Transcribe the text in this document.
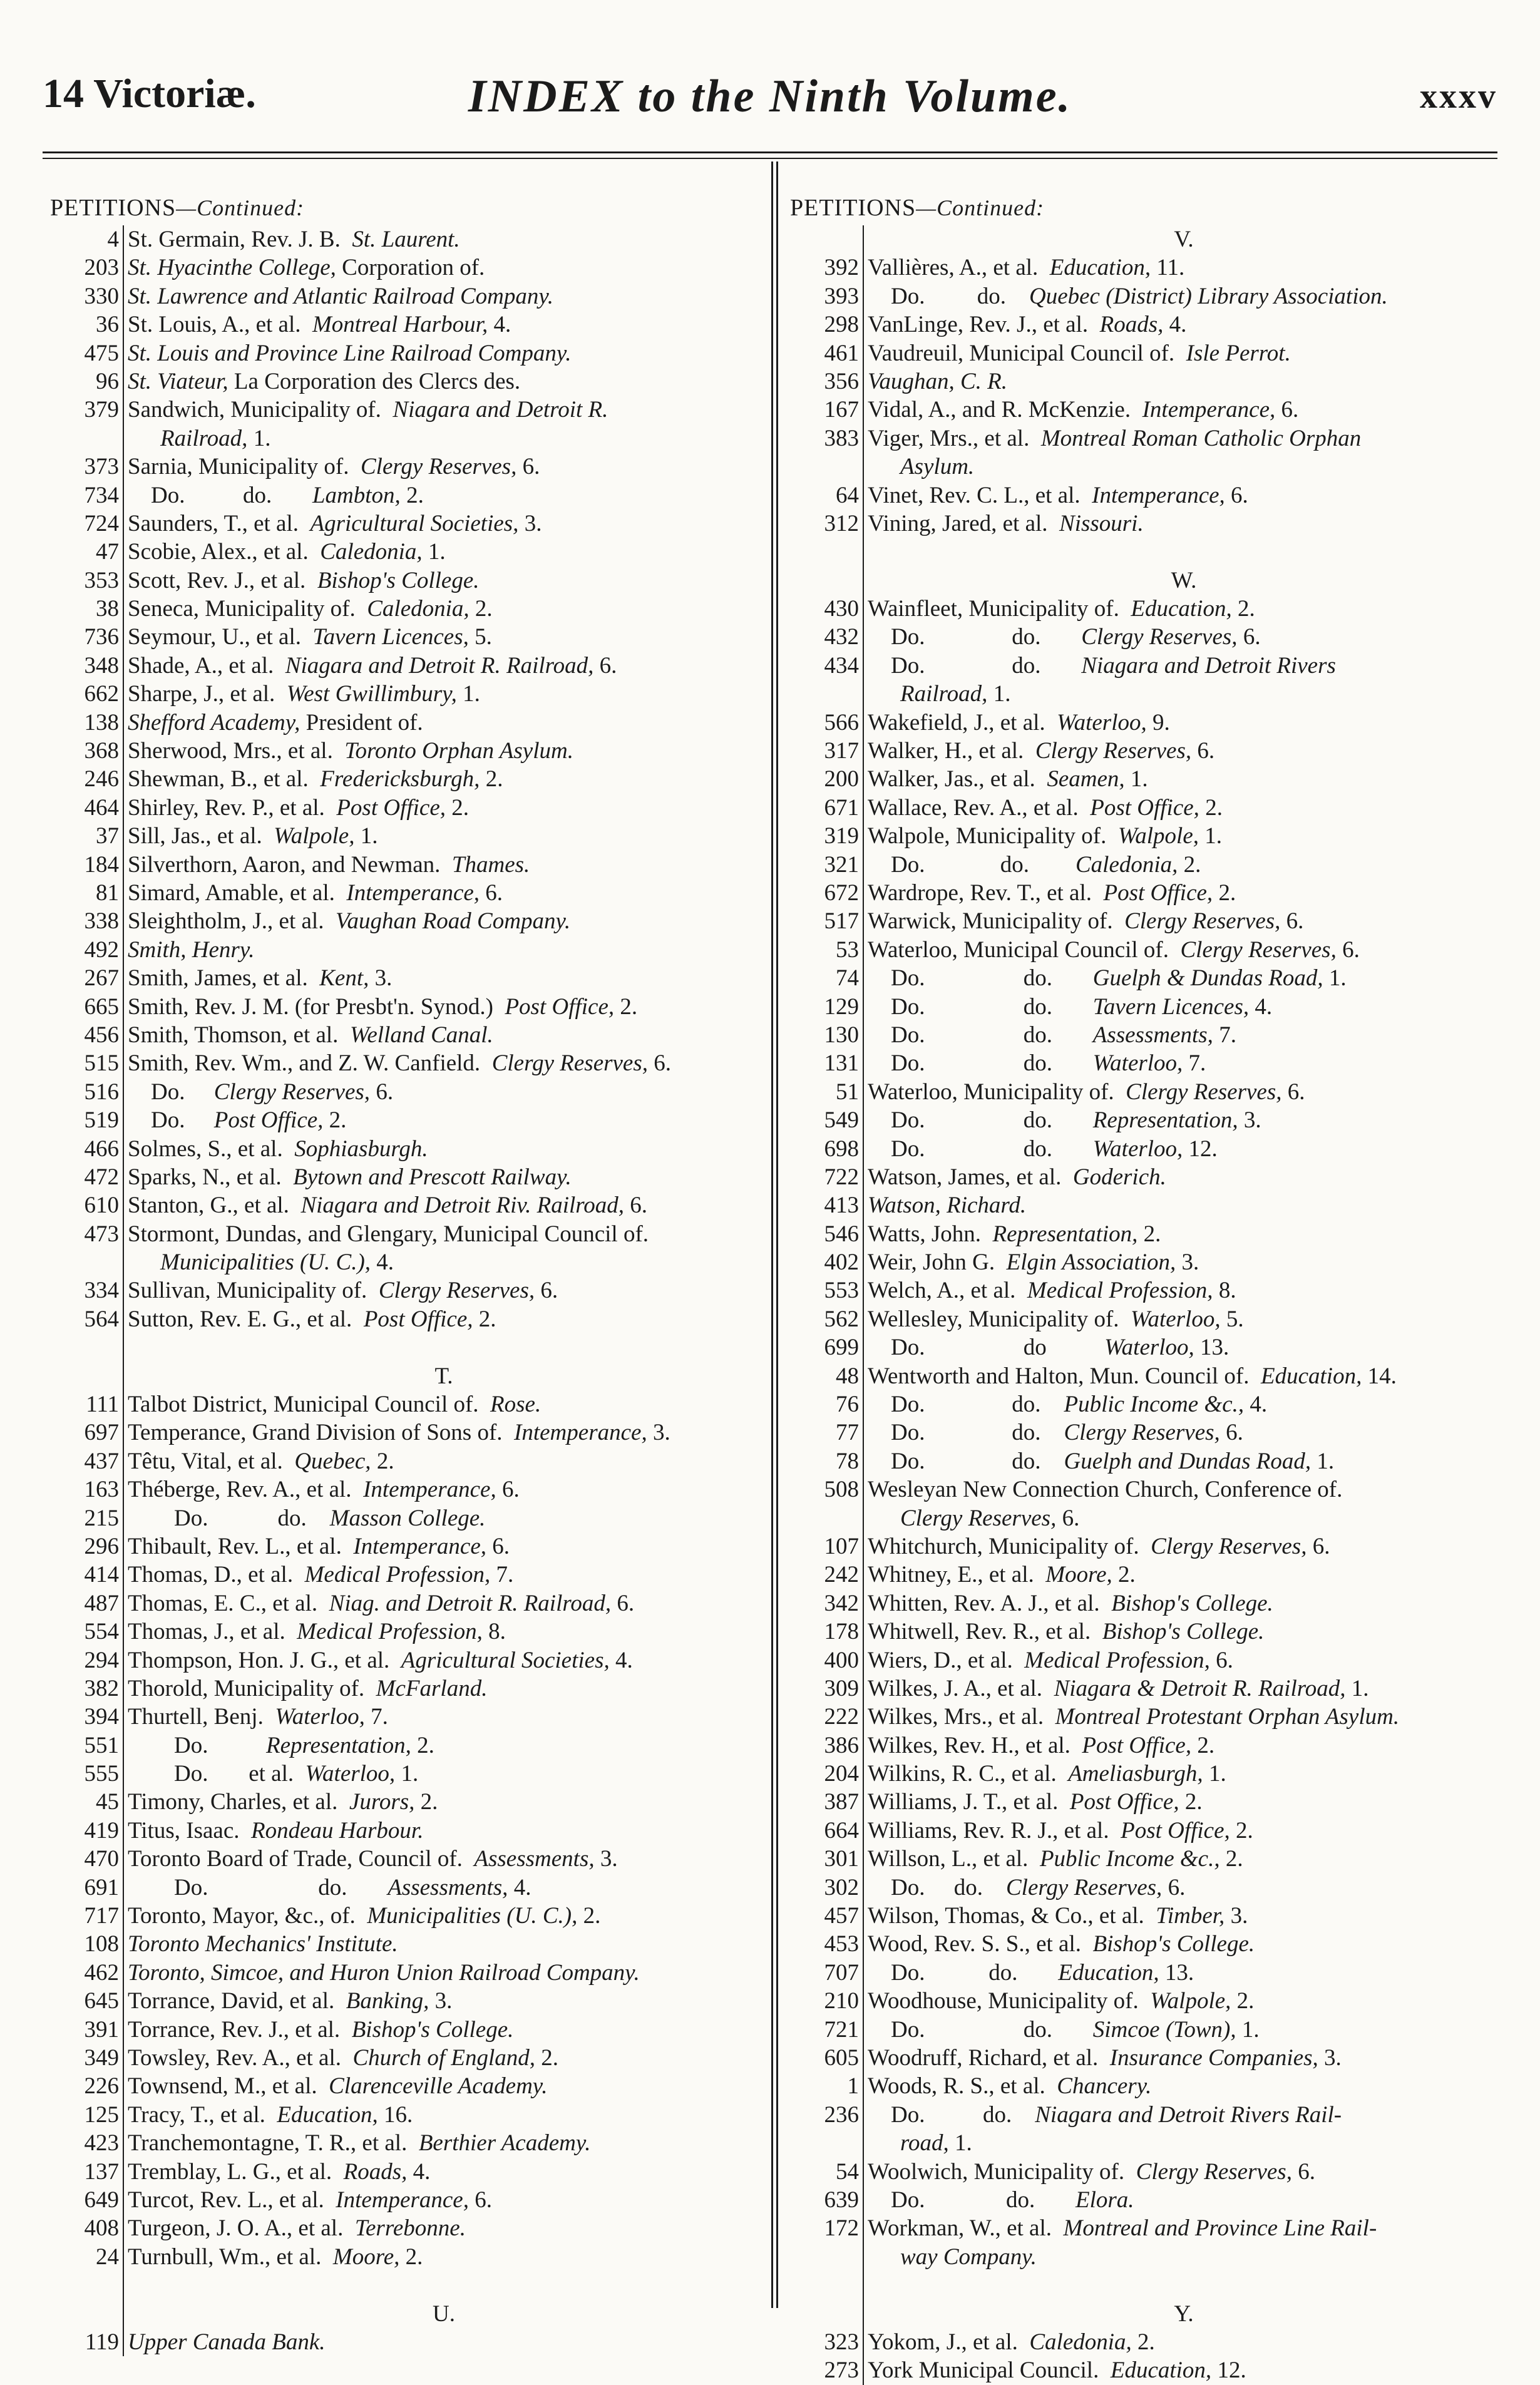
14 Victoriæ.	INDEX to the Ninth Volume.	xxxv
PETITIONS—Continued:
4 St. Germain, Rev. J. B.  St. Laurent.
203 St. Hyacinthe College, Corporation of.
330 St. Lawrence and Atlantic Railroad Company.
36 St. Louis, A., et al.  Montreal Harbour, 4.
475 St. Louis and Province Line Railroad Company.
96 St. Viateur, La Corporation des Clercs des.
379 Sandwich, Municipality of.  Niagara and Detroit R.
Railroad, 1.
373 Sarnia, Municipality of.  Clergy Reserves, 6.
734 Do.          do.       Lambton, 2.
724 Saunders, T., et al.  Agricultural Societies, 3.
47 Scobie, Alex., et al.  Caledonia, 1.
353 Scott, Rev. J., et al.  Bishop's College.
38 Seneca, Municipality of.  Caledonia, 2.
736 Seymour, U., et al.  Tavern Licences, 5.
348 Shade, A., et al.  Niagara and Detroit R. Railroad, 6.
662 Sharpe, J., et al.  West Gwillimbury, 1.
138 Shefford Academy, President of.
368 Sherwood, Mrs., et al.  Toronto Orphan Asylum.
246 Shewman, B., et al.  Fredericksburgh, 2.
464 Shirley, Rev. P., et al.  Post Office, 2.
37 Sill, Jas., et al.  Walpole, 1.
184 Silverthorn, Aaron, and Newman.  Thames.
81 Simard, Amable, et al.  Intemperance, 6.
338 Sleightholm, J., et al.  Vaughan Road Company.
492 Smith, Henry.
267 Smith, James, et al.  Kent, 3.
665 Smith, Rev. J. M. (for Presbt'n. Synod.)  Post Office, 2.
456 Smith, Thomson, et al.  Welland Canal.
515 Smith, Rev. Wm., and Z. W. Canfield.  Clergy Reserves, 6.
516 Do.     Clergy Reserves, 6.
519 Do.     Post Office, 2.
466 Solmes, S., et al.  Sophiasburgh.
472 Sparks, N., et al.  Bytown and Prescott Railway.
610 Stanton, G., et al.  Niagara and Detroit Riv. Railroad, 6.
473 Stormont, Dundas, and Glengary, Municipal Council of.
Municipalities (U. C.), 4.
334 Sullivan, Municipality of.  Clergy Reserves, 6.
564 Sutton, Rev. E. G., et al.  Post Office, 2.
T.
111 Talbot District, Municipal Council of.  Rose.
697 Temperance, Grand Division of Sons of.  Intemperance, 3.
437 Têtu, Vital, et al.  Quebec, 2.
163 Théberge, Rev. A., et al.  Intemperance, 6.
215 Do.            do.    Masson College.
296 Thibault, Rev. L., et al.  Intemperance, 6.
414 Thomas, D., et al.  Medical Profession, 7.
487 Thomas, E. C., et al.  Niag. and Detroit R. Railroad, 6.
554 Thomas, J., et al.  Medical Profession, 8.
294 Thompson, Hon. J. G., et al.  Agricultural Societies, 4.
382 Thorold, Municipality of.  McFarland.
394 Thurtell, Benj.  Waterloo, 7.
551 Do.          Representation, 2.
555 Do.       et al.  Waterloo, 1.
45 Timony, Charles, et al.  Jurors, 2.
419 Titus, Isaac.  Rondeau Harbour.
470 Toronto Board of Trade, Council of.  Assessments, 3.
691 Do.                   do.       Assessments, 4.
717 Toronto, Mayor, &c., of.  Municipalities (U. C.), 2.
108 Toronto Mechanics' Institute.
462 Toronto, Simcoe, and Huron Union Railroad Company.
645 Torrance, David, et al.  Banking, 3.
391 Torrance, Rev. J., et al.  Bishop's College.
349 Towsley, Rev. A., et al.  Church of England, 2.
226 Townsend, M., et al.  Clarenceville Academy.
125 Tracy, T., et al.  Education, 16.
423 Tranchemontagne, T. R., et al.  Berthier Academy.
137 Tremblay, L. G., et al.  Roads, 4.
649 Turcot, Rev. L., et al.  Intemperance, 6.
408 Turgeon, J. O. A., et al.  Terrebonne.
24 Turnbull, Wm., et al.  Moore, 2.
U.
119 Upper Canada Bank.
PETITIONS—Continued:
V.
392 Vallières, A., et al.  Education, 11.
393 Do.         do.    Quebec (District) Library Association.
298 VanLinge, Rev. J., et al.  Roads, 4.
461 Vaudreuil, Municipal Council of.  Isle Perrot.
356 Vaughan, C. R.
167 Vidal, A., and R. McKenzie.  Intemperance, 6.
383 Viger, Mrs., et al.  Montreal Roman Catholic Orphan
Asylum.
64 Vinet, Rev. C. L., et al.  Intemperance, 6.
312 Vining, Jared, et al.  Nissouri.
W.
430 Wainfleet, Municipality of.  Education, 2.
432 Do.               do.       Clergy Reserves, 6.
434 Do.               do.       Niagara and Detroit Rivers
Railroad, 1.
566 Wakefield, J., et al.  Waterloo, 9.
317 Walker, H., et al.  Clergy Reserves, 6.
200 Walker, Jas., et al.  Seamen, 1.
671 Wallace, Rev. A., et al.  Post Office, 2.
319 Walpole, Municipality of.  Walpole, 1.
321 Do.             do.        Caledonia, 2.
672 Wardrope, Rev. T., et al.  Post Office, 2.
517 Warwick, Municipality of.  Clergy Reserves, 6.
53 Waterloo, Municipal Council of.  Clergy Reserves, 6.
74 Do.                 do.       Guelph & Dundas Road, 1.
129 Do.                 do.       Tavern Licences, 4.
130 Do.                 do.       Assessments, 7.
131 Do.                 do.       Waterloo, 7.
51 Waterloo, Municipality of.  Clergy Reserves, 6.
549 Do.                 do.       Representation, 3.
698 Do.                 do.       Waterloo, 12.
722 Watson, James, et al.  Goderich.
413 Watson, Richard.
546 Watts, John.  Representation, 2.
402 Weir, John G.  Elgin Association, 3.
553 Welch, A., et al.  Medical Profession, 8.
562 Wellesley, Municipality of.  Waterloo, 5.
699 Do.                 do          Waterloo, 13.
48 Wentworth and Halton, Mun. Council of.  Education, 14.
76 Do.               do.    Public Income &c., 4.
77 Do.               do.    Clergy Reserves, 6.
78 Do.               do.    Guelph and Dundas Road, 1.
508 Wesleyan New Connection Church, Conference of.
Clergy Reserves, 6.
107 Whitchurch, Municipality of.  Clergy Reserves, 6.
242 Whitney, E., et al.  Moore, 2.
342 Whitten, Rev. A. J., et al.  Bishop's College.
178 Whitwell, Rev. R., et al.  Bishop's College.
400 Wiers, D., et al.  Medical Profession, 6.
309 Wilkes, J. A., et al.  Niagara & Detroit R. Railroad, 1.
222 Wilkes, Mrs., et al.  Montreal Protestant Orphan Asylum.
386 Wilkes, Rev. H., et al.  Post Office, 2.
204 Wilkins, R. C., et al.  Ameliasburgh, 1.
387 Williams, J. T., et al.  Post Office, 2.
664 Williams, Rev. R. J., et al.  Post Office, 2.
301 Willson, L., et al.  Public Income &c., 2.
302 Do.     do.    Clergy Reserves, 6.
457 Wilson, Thomas, & Co., et al.  Timber, 3.
453 Wood, Rev. S. S., et al.  Bishop's College.
707 Do.           do.       Education, 13.
210 Woodhouse, Municipality of.  Walpole, 2.
721 Do.                 do.       Simcoe (Town), 1.
605 Woodruff, Richard, et al.  Insurance Companies, 3.
1 Woods, R. S., et al.  Chancery.
236 Do.          do.    Niagara and Detroit Rivers Rail-
road, 1.
54 Woolwich, Municipality of.  Clergy Reserves, 6.
639 Do.              do.       Elora.
172 Workman, W., et al.  Montreal and Province Line Rail-
way Company.
Y.
323 Yokom, J., et al.  Caledonia, 2.
273 York Municipal Council.  Education, 12.
